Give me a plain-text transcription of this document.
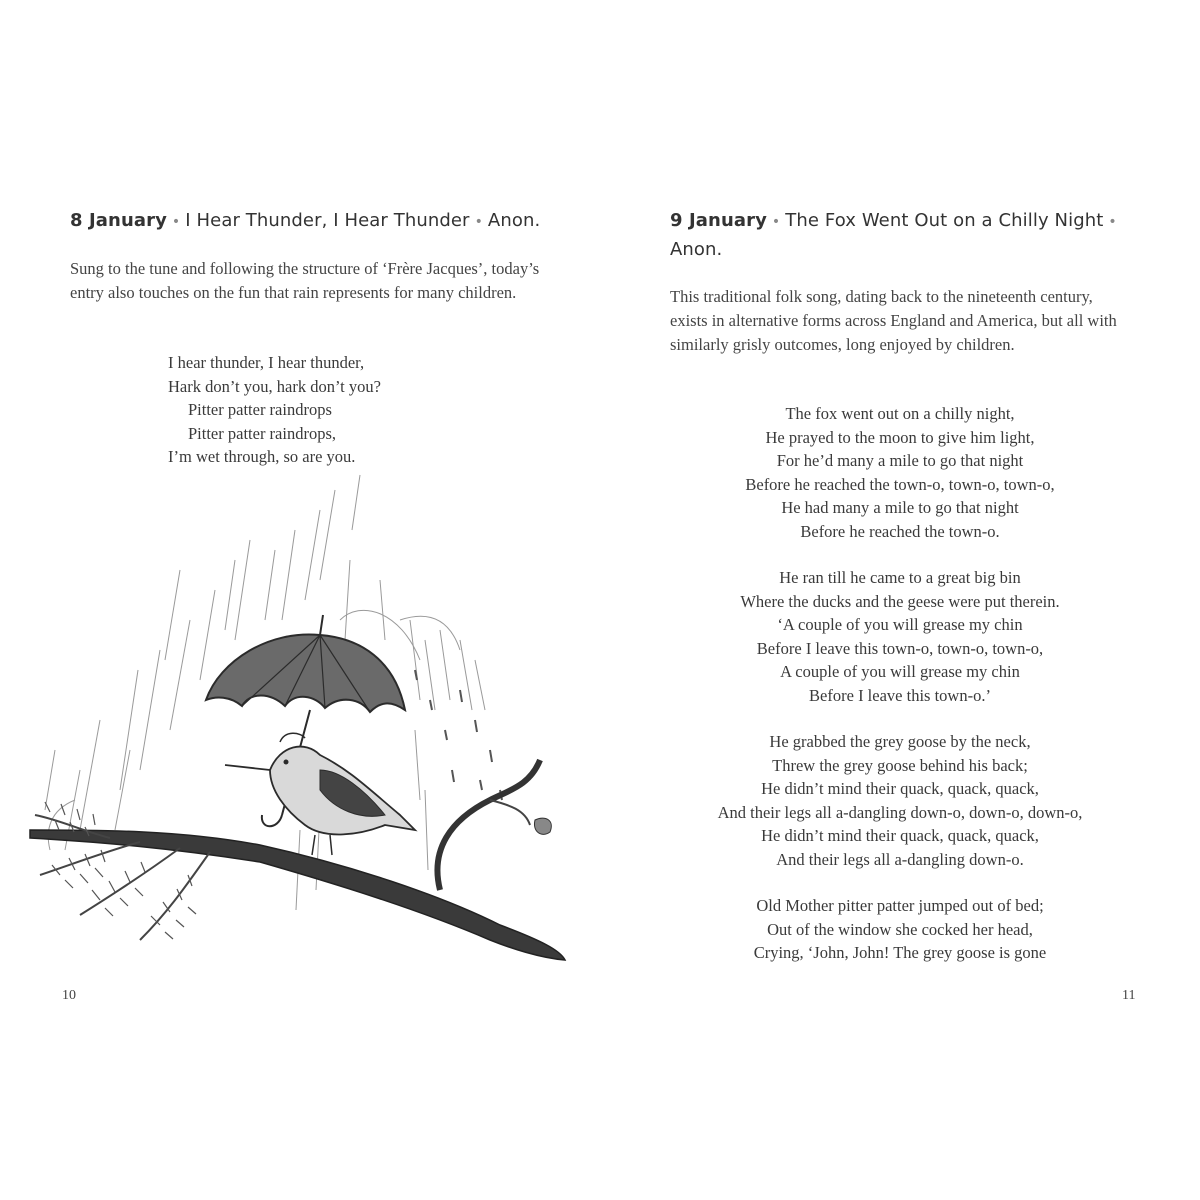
8 January • I Hear Thunder, I Hear Thunder • Anon.

Sung to the tune and following the structure of ‘Frère Jacques’, today’s entry also touches on the fun that rain represents for many children.

I hear thunder, I hear thunder,
Hark don’t you, hark don’t you?
Pitter patter raindrops
Pitter patter raindrops,
I’m wet through, so are you.
10
9 January • The Fox Went Out on a Chilly Night •
Anon.

This traditional folk song, dating back to the nineteenth century, exists in alternative forms across England and America, but all with similarly grisly outcomes, long enjoyed by children.

The fox went out on a chilly night,
He prayed to the moon to give him light,
For he’d many a mile to go that night
Before he reached the town-o, town-o, town-o,
He had many a mile to go that night
Before he reached the town-o.
He ran till he came to a great big bin
Where the ducks and the geese were put therein.
‘A couple of you will grease my chin
Before I leave this town-o, town-o, town-o,
A couple of you will grease my chin
Before I leave this town-o.’
He grabbed the grey goose by the neck,
Threw the grey goose behind his back;
He didn’t mind their quack, quack, quack,
And their legs all a-dangling down-o, down-o, down-o,
He didn’t mind their quack, quack, quack,
And their legs all a-dangling down-o.
Old Mother pitter patter jumped out of bed;
Out of the window she cocked her head,
Crying, ‘John, John! The grey goose is gone
11
